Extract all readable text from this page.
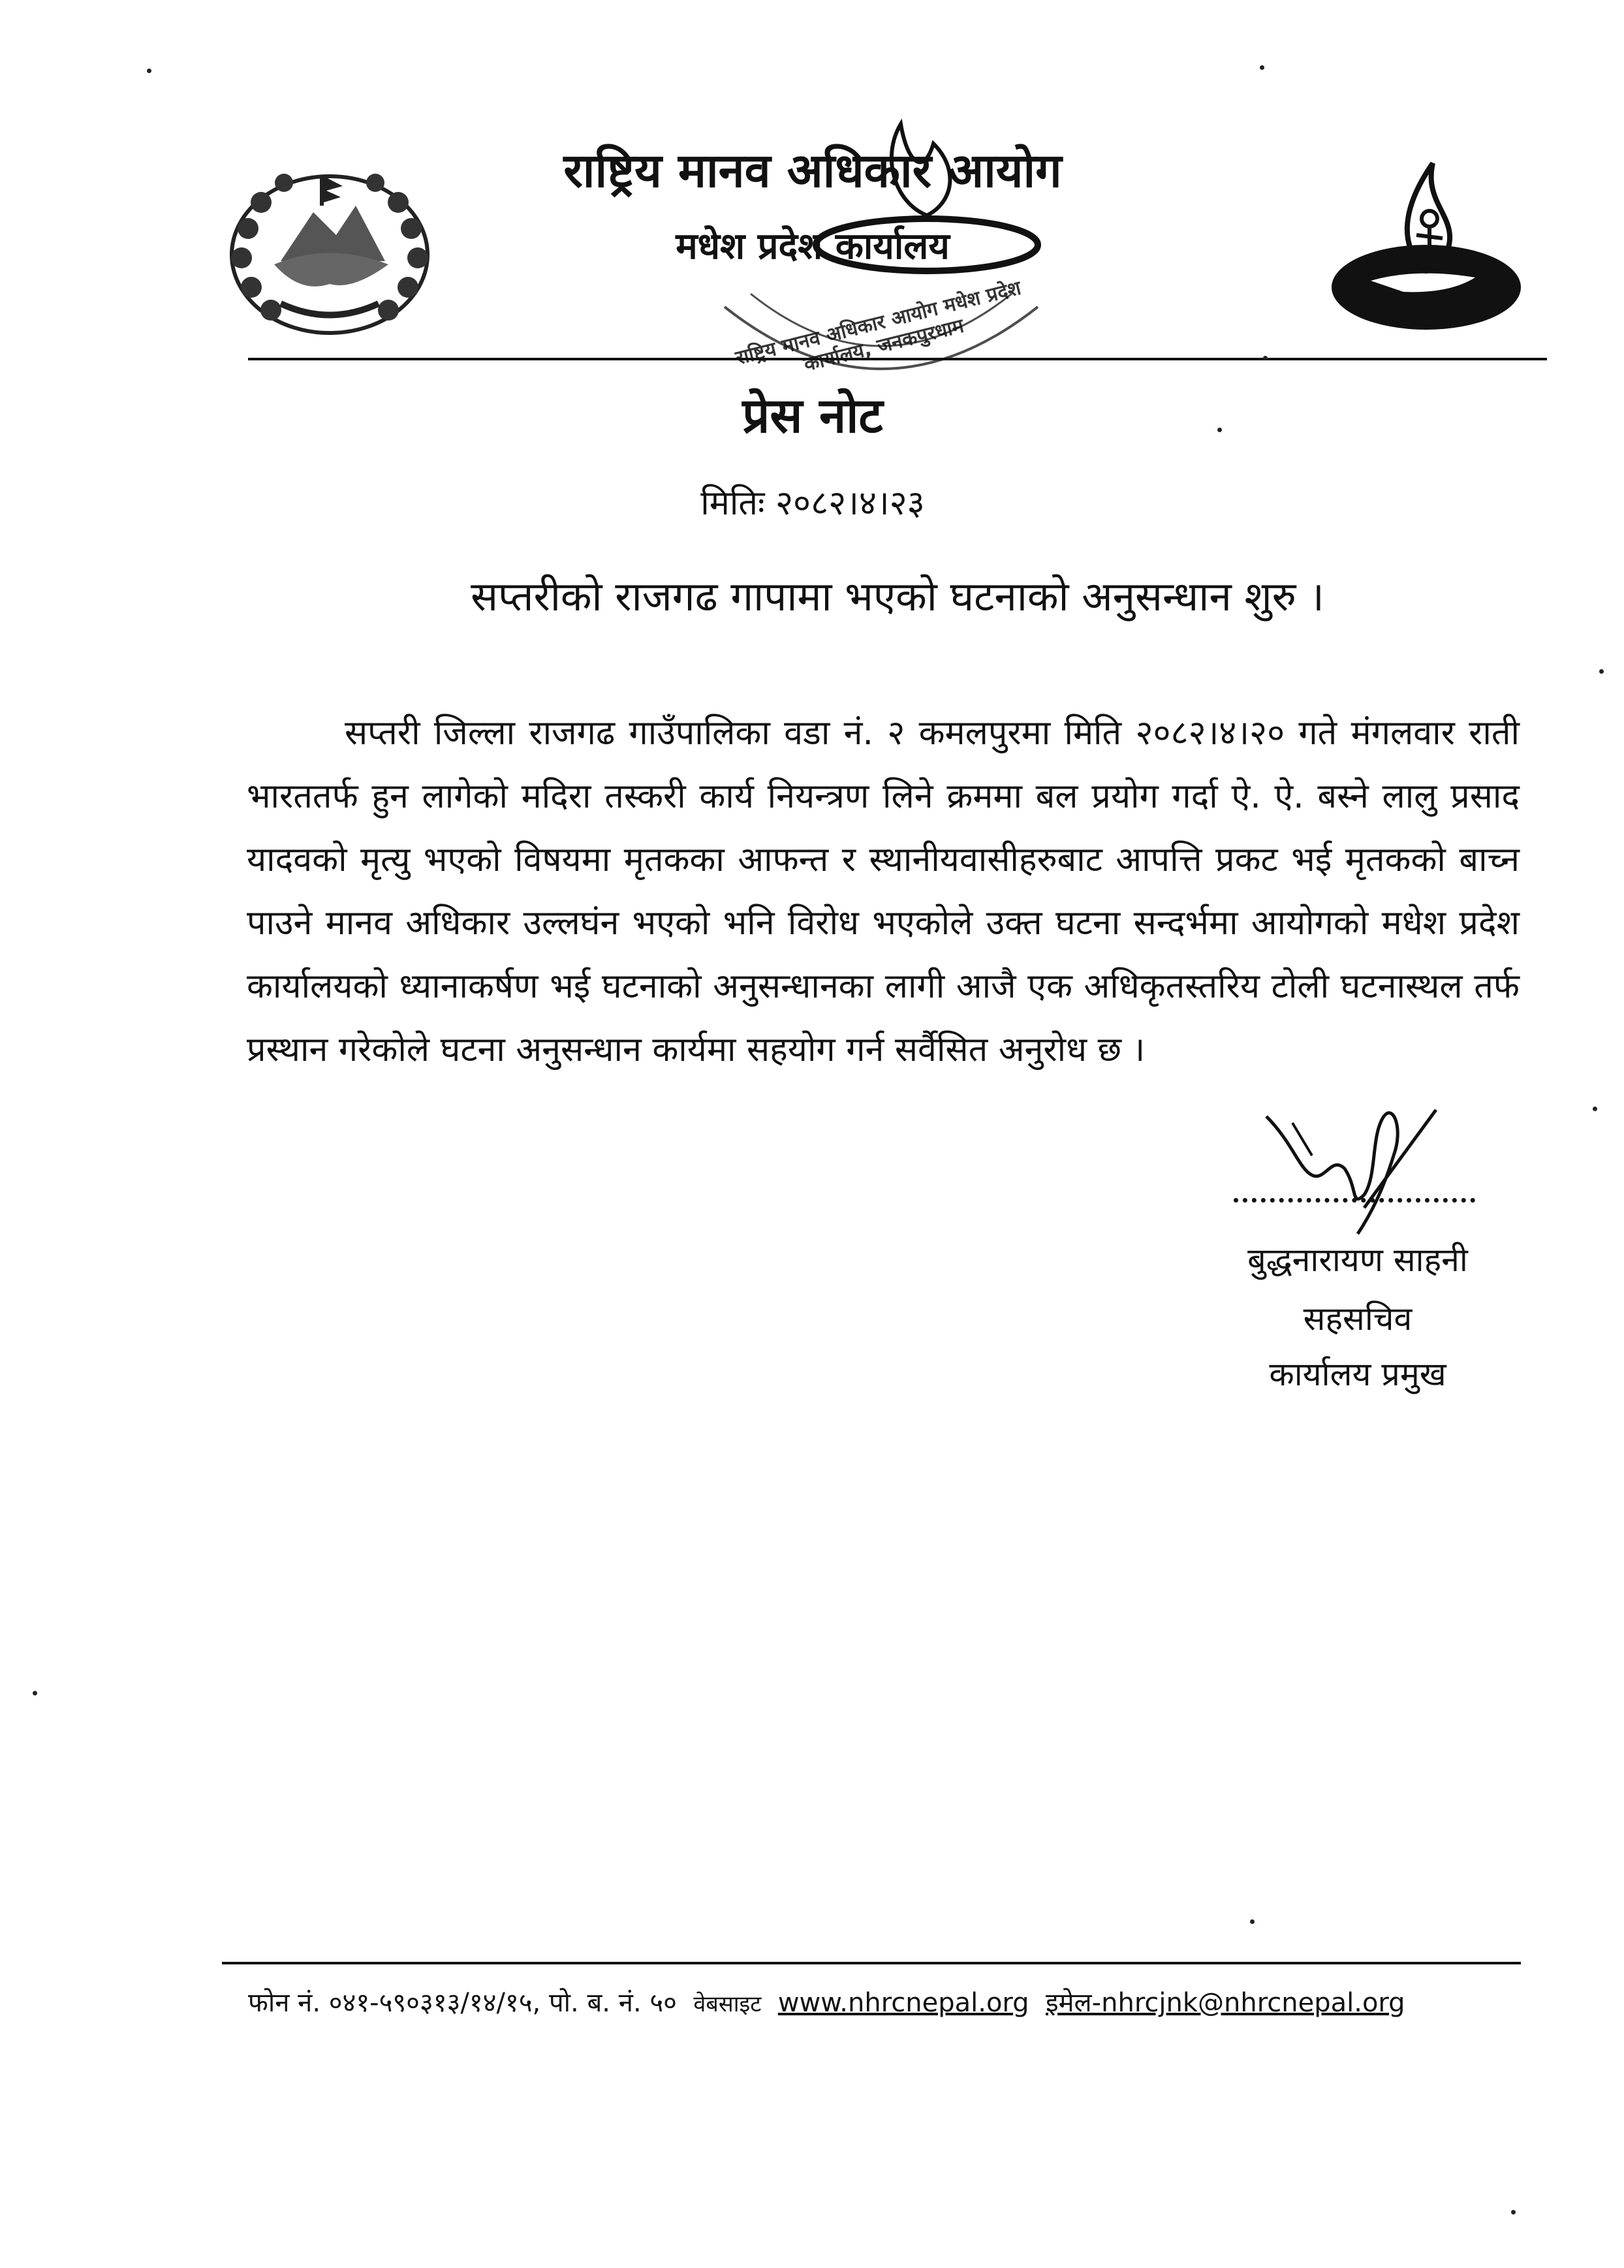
राष्ट्रिय मानव अधिकार आयोग
मधेश प्रदेश कार्यालय
राष्ट्रिय मानव अधिकार आयोग मधेश प्रदेश कार्यालय, जनकपुरधाम
प्रेस नोट
मितिः २०८२।४।२३
सप्तरीको राजगढ गापामा भएको घटनाको अनुसन्धान शुरु ।

सप्तरी जिल्ला राजगढ गाउँपालिका वडा नं. २ कमलपुरमा मिति २०८२।४।२० गते मंगलवार राती भारततर्फ हुन लागेको मदिरा तस्करी कार्य नियन्त्रण लिने क्रममा बल प्रयोग गर्दा ऐ. ऐ. बस्ने लालु प्रसाद यादवको मृत्यु भएको विषयमा मृतकका आफन्त र स्थानीयवासीहरुबाट आपत्ति प्रकट भई मृतकको बाच्न पाउने मानव अधिकार उल्लघंन भएको भनि विरोध भएकोले उक्त घटना सन्दर्भमा आयोगको मधेश प्रदेश कार्यालयको ध्यानाकर्षण भई घटनाको अनुसन्धानका लागी आजै एक अधिकृतस्तरिय टोली घटनास्थल तर्फ प्रस्थान गरेकोले घटना अनुसन्धान कार्यमा सहयोग गर्न सर्वैसित अनुरोध छ ।

बुद्धनारायण साहनी
सहसचिव
कार्यालय प्रमुख
फोन नं. ०४१-५९०३१३/१४/१५, पो. ब. नं. ५० वेबसाइट www.nhrcnepal.org इमेल-nhrcjnk@nhrcnepal.org
